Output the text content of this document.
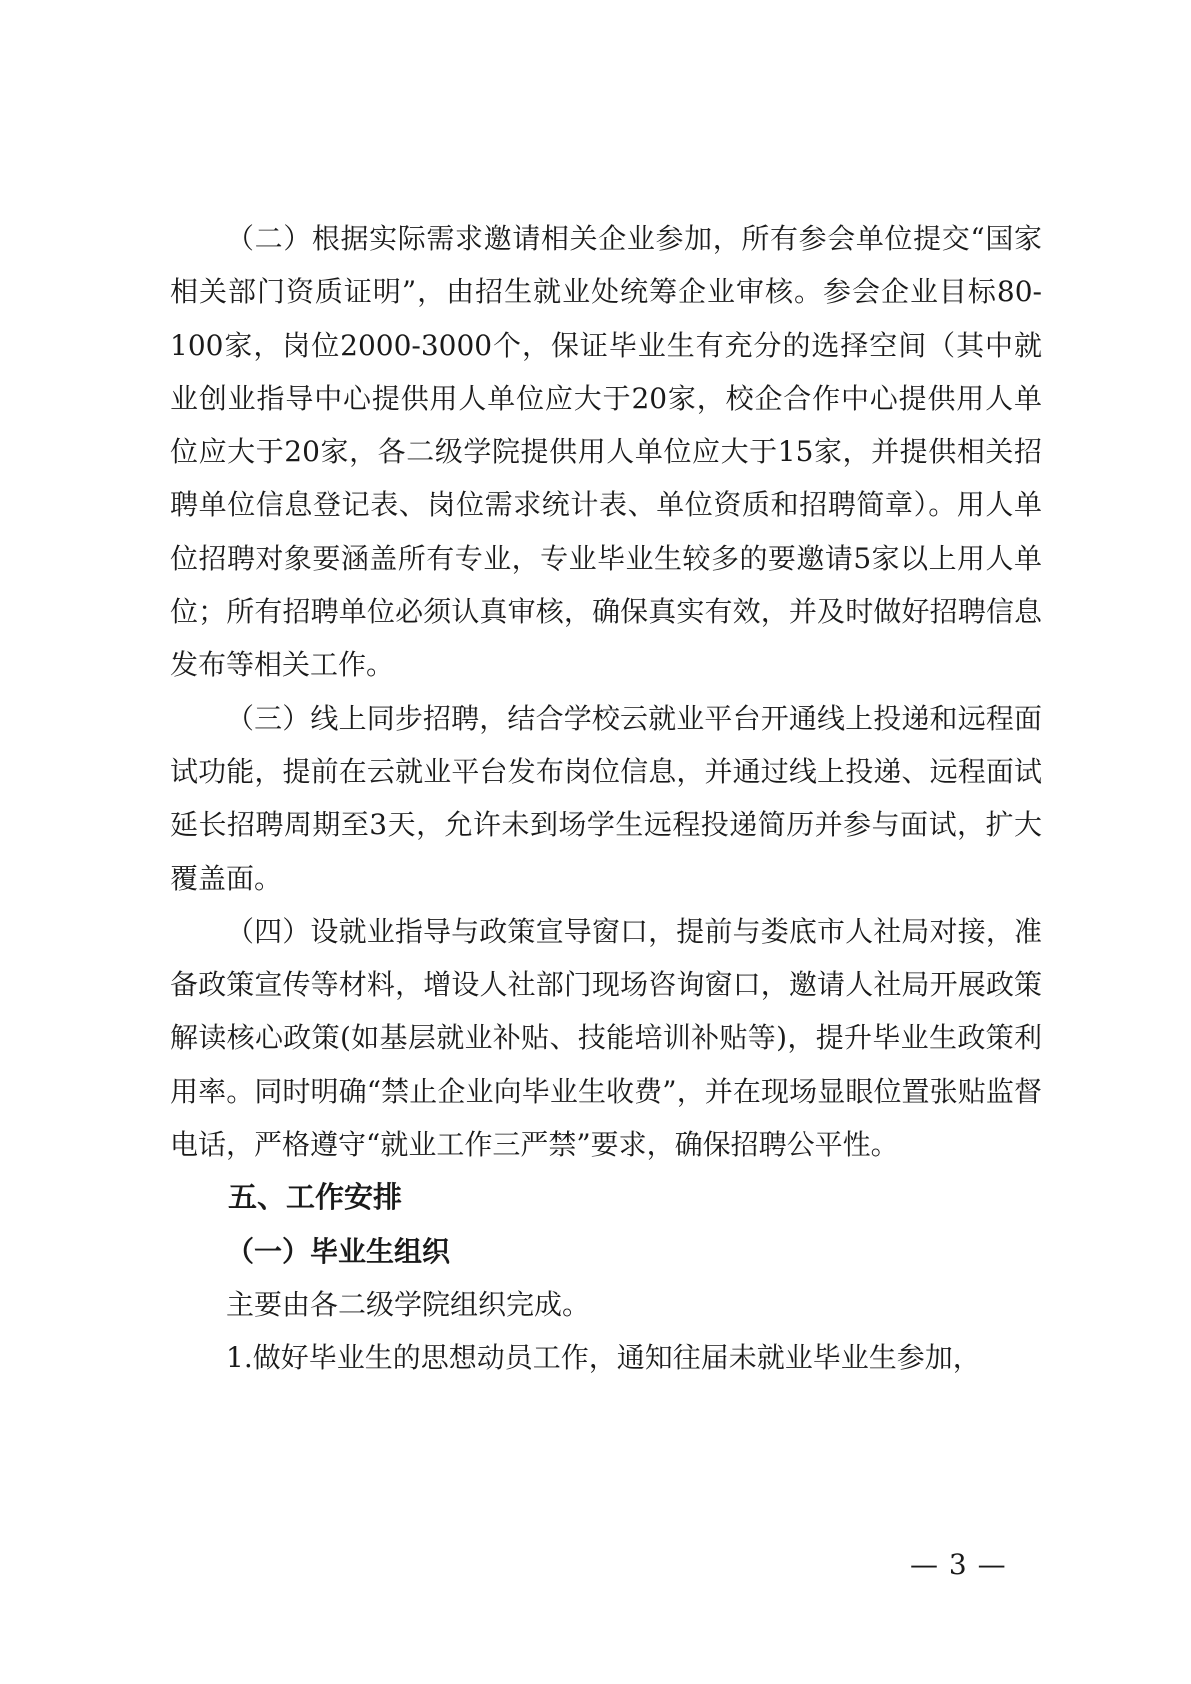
（二）根据实际需求邀请相关企业参加，所有参会单位提交“国家相关部门资质证明”，由招生就业处统筹企业审核。参会企业目标80-100家，岗位2000-3000个，保证毕业生有充分的选择空间（其中就业创业指导中心提供用人单位应大于20家，校企合作中心提供用人单位应大于20家，各二级学院提供用人单位应大于15家，并提供相关招聘单位信息登记表、岗位需求统计表、单位资质和招聘简章）。用人单位招聘对象要涵盖所有专业，专业毕业生较多的要邀请5家以上用人单位；所有招聘单位必须认真审核，确保真实有效，并及时做好招聘信息发布等相关工作。

（三）线上同步招聘，结合学校云就业平台开通线上投递和远程面试功能，提前在云就业平台发布岗位信息，并通过线上投递、远程面试延长招聘周期至3天，允许未到场学生远程投递简历并参与面试，扩大覆盖面。

（四）设就业指导与政策宣导窗口，提前与娄底市人社局对接，准备政策宣传等材料，增设人社部门现场咨询窗口，邀请人社局开展政策解读核心政策(如基层就业补贴、技能培训补贴等)，提升毕业生政策利用率。同时明确“禁止企业向毕业生收费”，并在现场显眼位置张贴监督电话，严格遵守“就业工作三严禁”要求，确保招聘公平性。

五、工作安排

（一）毕业生组织

主要由各二级学院组织完成。

1.做好毕业生的思想动员工作，通知往届未就业毕业生参加，

— 3 —
